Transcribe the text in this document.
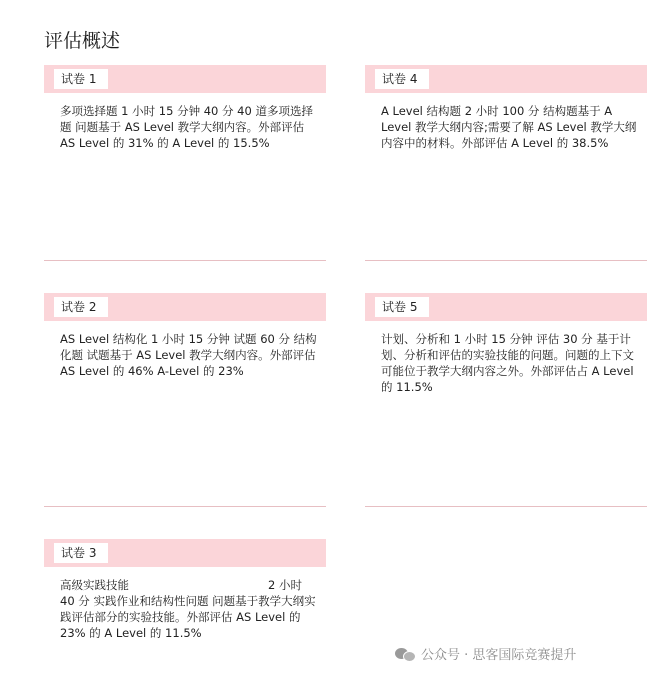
评估概述
试卷 1
多项选择题 1 小时 15 分钟 40 分 40 道多项选择题 问题基于 AS Level 教学大纲内容。外部评估 AS Level 的 31% 的 A Level 的 15.5%
试卷 4
A Level 结构题 2 小时 100 分 结构题基于 A Level 教学大纲内容;需要了解 AS Level 教学大纲内容中的材料。外部评估 A Level 的 38.5%
试卷 2
AS Level 结构化 1 小时 15 分钟 试题 60 分 结构化题 试题基于 AS Level 教学大纲内容。外部评估 AS Level 的 46% A-Level 的 23%
试卷 5
计划、分析和 1 小时 15 分钟 评估 30 分 基于计划、分析和评估的实验技能的问题。问题的上下文可能位于教学大纲内容之外。外部评估占 A Level 的 11.5%
试卷 3
高级实践技能	2 小时
40 分 实践作业和结构性问题 问题基于教学大纲实践评估部分的实验技能。外部评估 AS Level 的 23% 的 A Level 的 11.5%
公众号 · 思客国际竞赛提升
